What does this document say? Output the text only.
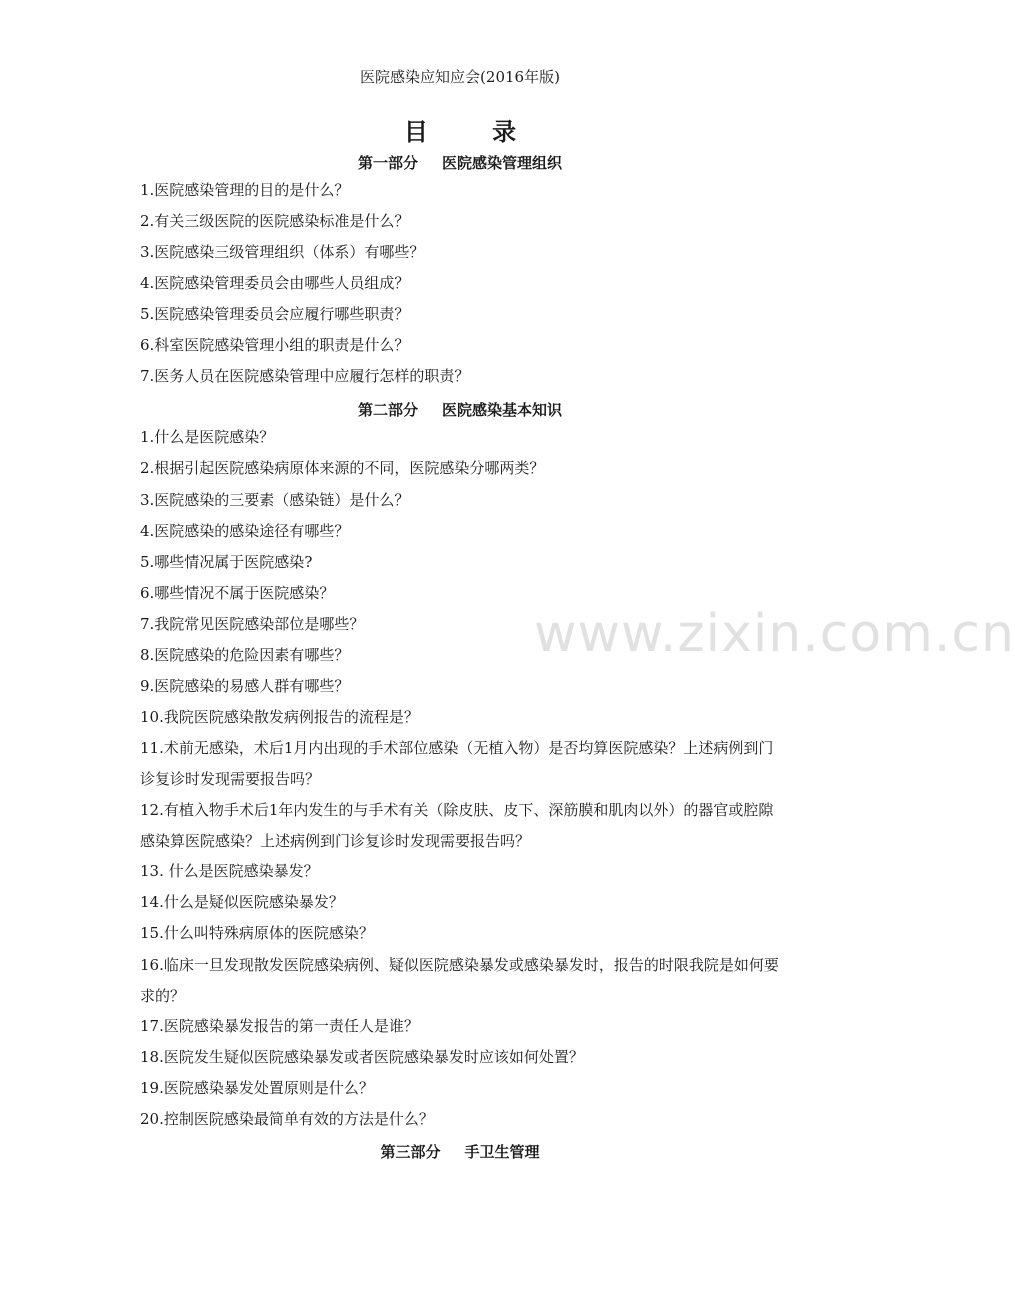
医院感染应知应会(2016年版)
目 录
第一部分 医院感染管理组织
1.医院感染管理的目的是什么？
2.有关三级医院的医院感染标准是什么？
3.医院感染三级管理组织（体系）有哪些？
4.医院感染管理委员会由哪些人员组成？
5.医院感染管理委员会应履行哪些职责？
6.科室医院感染管理小组的职责是什么？
7.医务人员在医院感染管理中应履行怎样的职责？
第二部分 医院感染基本知识
1.什么是医院感染？
2.根据引起医院感染病原体来源的不同，医院感染分哪两类？
3.医院感染的三要素（感染链）是什么？
4.医院感染的感染途径有哪些？
5.哪些情况属于医院感染?
6.哪些情况不属于医院感染？
7.我院常见医院感染部位是哪些？
8.医院感染的危险因素有哪些？
9.医院感染的易感人群有哪些？
10.我院医院感染散发病例报告的流程是？
11.术前无感染，术后1月内出现的手术部位感染（无植入物）是否均算医院感染？上述病例到门诊复诊时发现需要报告吗？
12.有植入物手术后1年内发生的与手术有关（除皮肤、皮下、深筋膜和肌肉以外）的器官或腔隙感染算医院感染？上述病例到门诊复诊时发现需要报告吗？
13. 什么是医院感染暴发？
14.什么是疑似医院感染暴发？
15.什么叫特殊病原体的医院感染？
16.临床一旦发现散发医院感染病例、疑似医院感染暴发或感染暴发时，报告的时限我院是如何要求的？
17.医院感染暴发报告的第一责任人是谁？
18.医院发生疑似医院感染暴发或者医院感染暴发时应该如何处置？
19.医院感染暴发处置原则是什么？
20.控制医院感染最简单有效的方法是什么？
第三部分 手卫生管理
www.zixin.com.cn
